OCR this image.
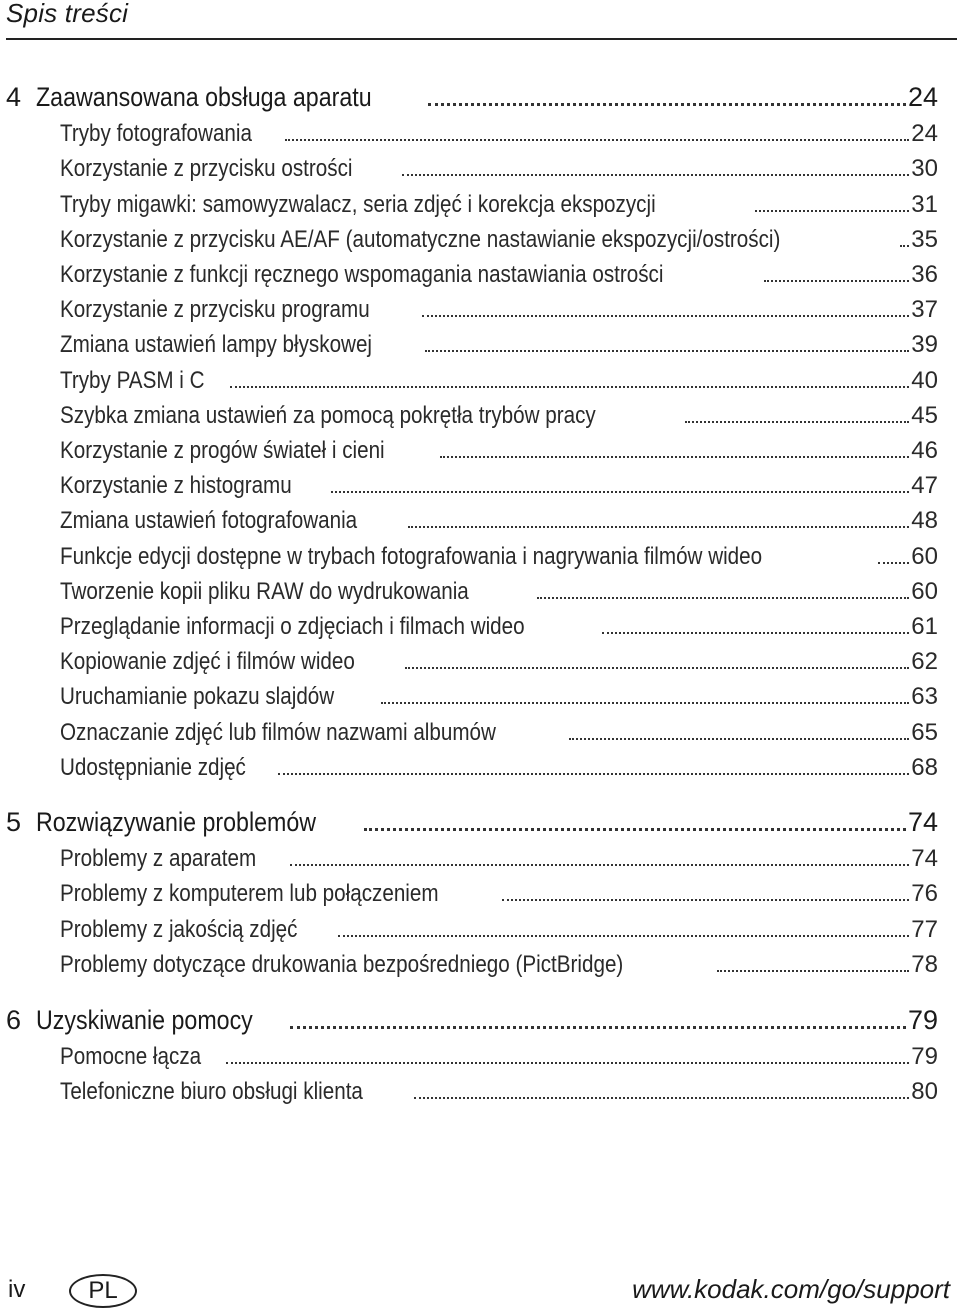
Spis treści
4 Zaawansowana obsługa aparatu	24
Tryby fotografowania	24
Korzystanie z przycisku ostrości	30
Tryby migawki: samowyzwalacz, seria zdjęć i korekcja ekspozycji	31
Korzystanie z przycisku AE/AF (automatyczne nastawianie ekspozycji/ostrości)	35
Korzystanie z funkcji ręcznego wspomagania nastawiania ostrości	36
Korzystanie z przycisku programu	37
Zmiana ustawień lampy błyskowej	39
Tryby PASM i C	40
Szybka zmiana ustawień za pomocą pokrętła trybów pracy	45
Korzystanie z progów świateł i cieni	46
Korzystanie z histogramu	47
Zmiana ustawień fotografowania	48
Funkcje edycji dostępne w trybach fotografowania i nagrywania filmów wideo	60
Tworzenie kopii pliku RAW do wydrukowania	60
Przeglądanie informacji o zdjęciach i filmach wideo	61
Kopiowanie zdjęć i filmów wideo	62
Uruchamianie pokazu slajdów	63
Oznaczanie zdjęć lub filmów nazwami albumów	65
Udostępnianie zdjęć	68
5 Rozwiązywanie problemów	74
Problemy z aparatem	74
Problemy z komputerem lub połączeniem	76
Problemy z jakością zdjęć	77
Problemy dotyczące drukowania bezpośredniego (PictBridge)	78
6 Uzyskiwanie pomocy	79
Pomocne łącza	79
Telefoniczne biuro obsługi klienta	80
iv	PL	www.kodak.com/go/support
